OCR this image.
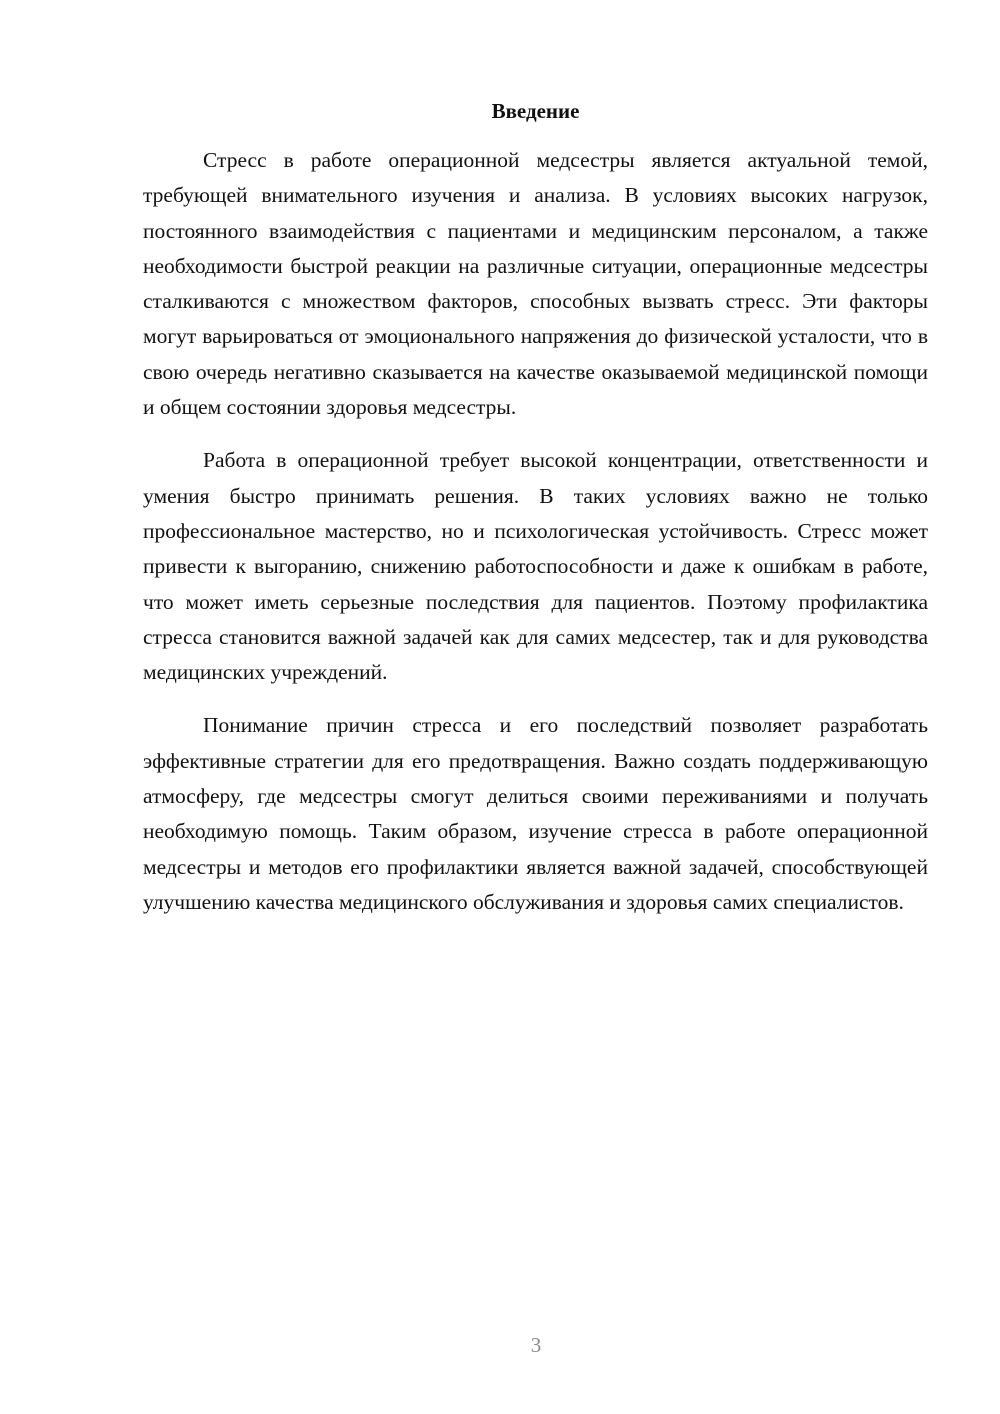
Введение

Стресс в работе операционной медсестры является актуальной темой, требующей внимательного изучения и анализа. В условиях высоких нагрузок, постоянного взаимодействия с пациентами и медицинским персоналом, а также необходимости быстрой реакции на различные ситуации, операционные медсестры сталкиваются с множеством факторов, способных вызвать стресс. Эти факторы могут варьироваться от эмоционального напряжения до физической усталости, что в свою очередь негативно сказывается на качестве оказываемой медицинской помощи и общем состоянии здоровья медсестры.

Работа в операционной требует высокой концентрации, ответственности и умения быстро принимать решения. В таких условиях важно не только профессиональное мастерство, но и психологическая устойчивость. Стресс может привести к выгоранию, снижению работоспособности и даже к ошибкам в работе, что может иметь серьезные последствия для пациентов. Поэтому профилактика стресса становится важной задачей как для самих медсестер, так и для руководства медицинских учреждений.

Понимание причин стресса и его последствий позволяет разработать эффективные стратегии для его предотвращения. Важно создать поддерживающую атмосферу, где медсестры смогут делиться своими переживаниями и получать необходимую помощь. Таким образом, изучение стресса в работе операционной медсестры и методов его профилактики является важной задачей, способствующей улучшению качества медицинского обслуживания и здоровья самих специалистов.

3
